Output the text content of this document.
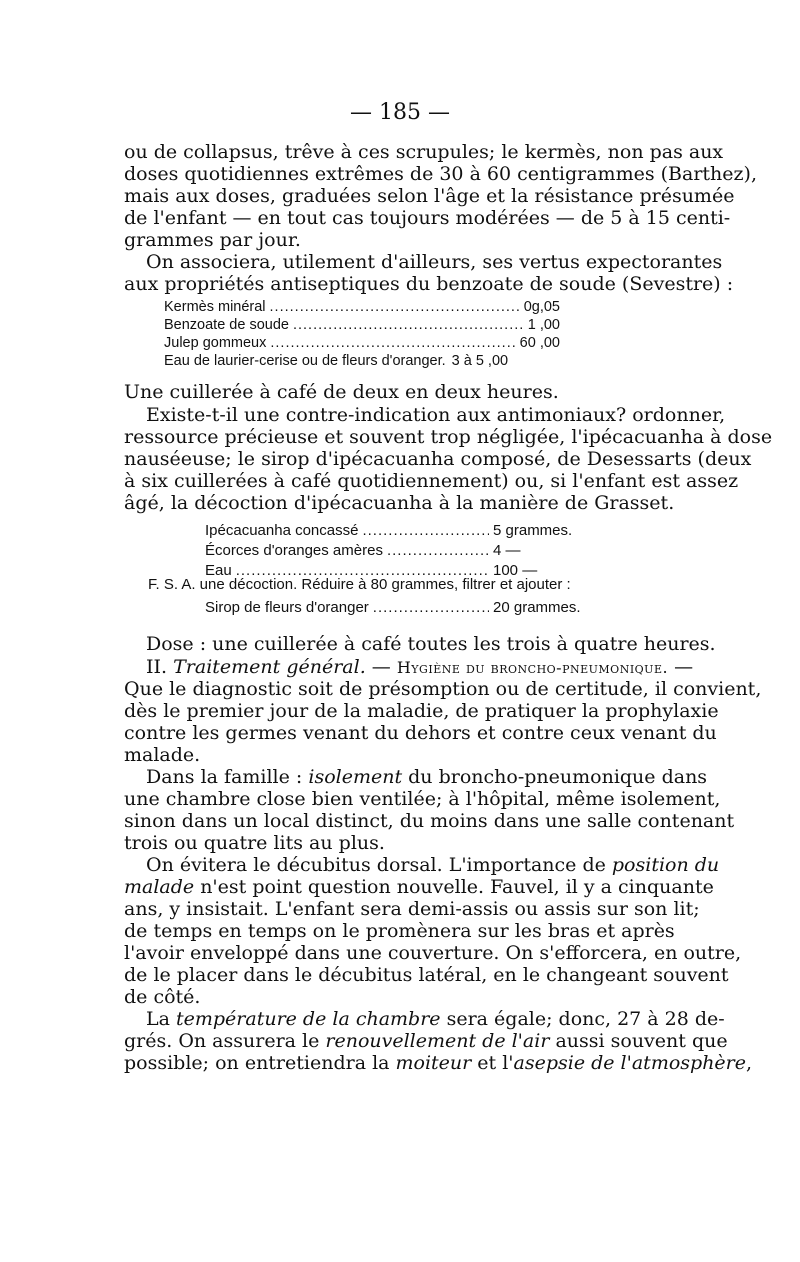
— 185 —
ou de collapsus, trêve à ces scrupules; le kermès, non pas aux
doses quotidiennes extrêmes de 30 à 60 centigrammes (Barthez),
mais aux doses, graduées selon l'âge et la résistance présumée
de l'enfant — en tout cas toujours modérées — de 5 à 15 centi-
grammes par jour.
On associera, utilement d'ailleurs, ses vertus expectorantes
aux propriétés antiseptiques du benzoate de soude (Sevestre) :
Kermès minéral .....	0g,05
Benzoate de soude .....	1 ,00
Julep gommeux .....	60 ,00
Eau de laurier-cerise ou de fleurs d'oranger. 3 à 5 ,00
Une cuillerée à café de deux en deux heures.
Existe-t-il une contre-indication aux antimoniaux? ordonner,
ressource précieuse et souvent trop négligée, l'ipécacuanha à dose
nauséeuse; le sirop d'ipécacuanha composé, de Desessarts (deux
à six cuillerées à café quotidiennement) ou, si l'enfant est assez
âgé, la décoction d'ipécacuanha à la manière de Grasset.
Ipécacuanha concassé .....	5 grammes.
Écorces d'oranges amères .....	4 —
Eau .....	100 —
F. S. A. une décoction. Réduire à 80 grammes, filtrer et ajouter :
Sirop de fleurs d'oranger .....	20 grammes.
Dose : une cuillerée à café toutes les trois à quatre heures.
II. Traitement général. — Hygiène du broncho-pneumonique. —
Que le diagnostic soit de présomption ou de certitude, il convient,
dès le premier jour de la maladie, de pratiquer la prophylaxie
contre les germes venant du dehors et contre ceux venant du
malade.
Dans la famille : isolement du broncho-pneumonique dans
une chambre close bien ventilée; à l'hôpital, même isolement,
sinon dans un local distinct, du moins dans une salle contenant
trois ou quatre lits au plus.
On évitera le décubitus dorsal. L'importance de position du
malade n'est point question nouvelle. Fauvel, il y a cinquante
ans, y insistait. L'enfant sera demi-assis ou assis sur son lit;
de temps en temps on le promènera sur les bras et après
l'avoir enveloppé dans une couverture. On s'efforcera, en outre,
de le placer dans le décubitus latéral, en le changeant souvent
de côté.
La température de la chambre sera égale; donc, 27 à 28 de-
grés. On assurera le renouvellement de l'air aussi souvent que
possible; on entretiendra la moiteur et l'asepsie de l'atmosphère,
